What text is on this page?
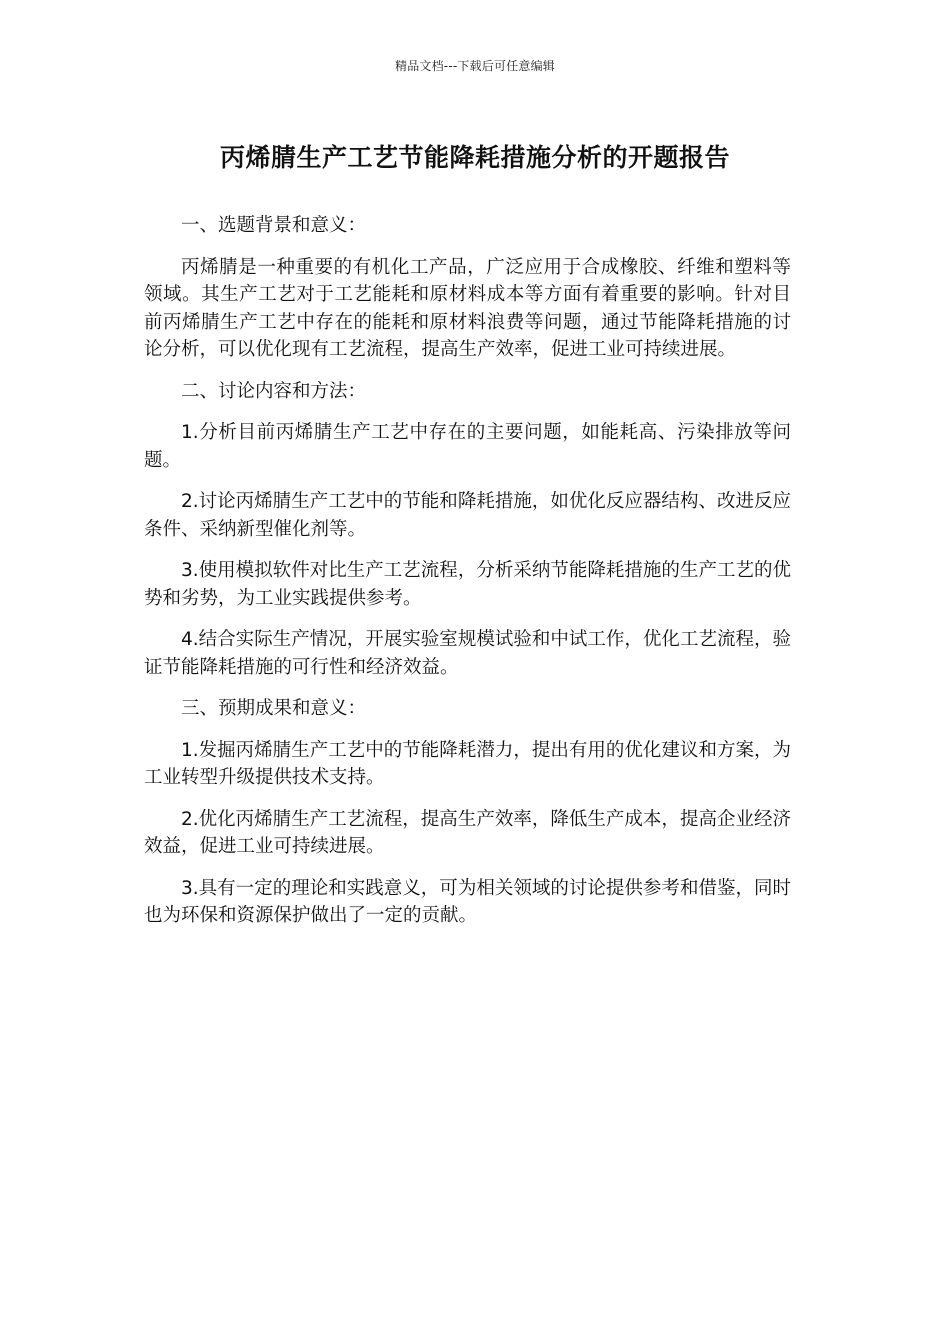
精品文档---下载后可任意编辑
丙烯腈生产工艺节能降耗措施分析的开题报告

一、选题背景和意义：

丙烯腈是一种重要的有机化工产品，广泛应用于合成橡胶、纤维和塑料等领域。其生产工艺对于工艺能耗和原材料成本等方面有着重要的影响。针对目前丙烯腈生产工艺中存在的能耗和原材料浪费等问题，通过节能降耗措施的讨论分析，可以优化现有工艺流程，提高生产效率，促进工业可持续进展。

二、讨论内容和方法：

1.分析目前丙烯腈生产工艺中存在的主要问题，如能耗高、污染排放等问题。

2.讨论丙烯腈生产工艺中的节能和降耗措施，如优化反应器结构、改进反应条件、采纳新型催化剂等。

3.使用模拟软件对比生产工艺流程，分析采纳节能降耗措施的生产工艺的优势和劣势，为工业实践提供参考。

4.结合实际生产情况，开展实验室规模试验和中试工作，优化工艺流程，验证节能降耗措施的可行性和经济效益。

三、预期成果和意义：

1.发掘丙烯腈生产工艺中的节能降耗潜力，提出有用的优化建议和方案，为工业转型升级提供技术支持。

2.优化丙烯腈生产工艺流程，提高生产效率，降低生产成本，提高企业经济效益，促进工业可持续进展。

3.具有一定的理论和实践意义，可为相关领域的讨论提供参考和借鉴，同时也为环保和资源保护做出了一定的贡献。
